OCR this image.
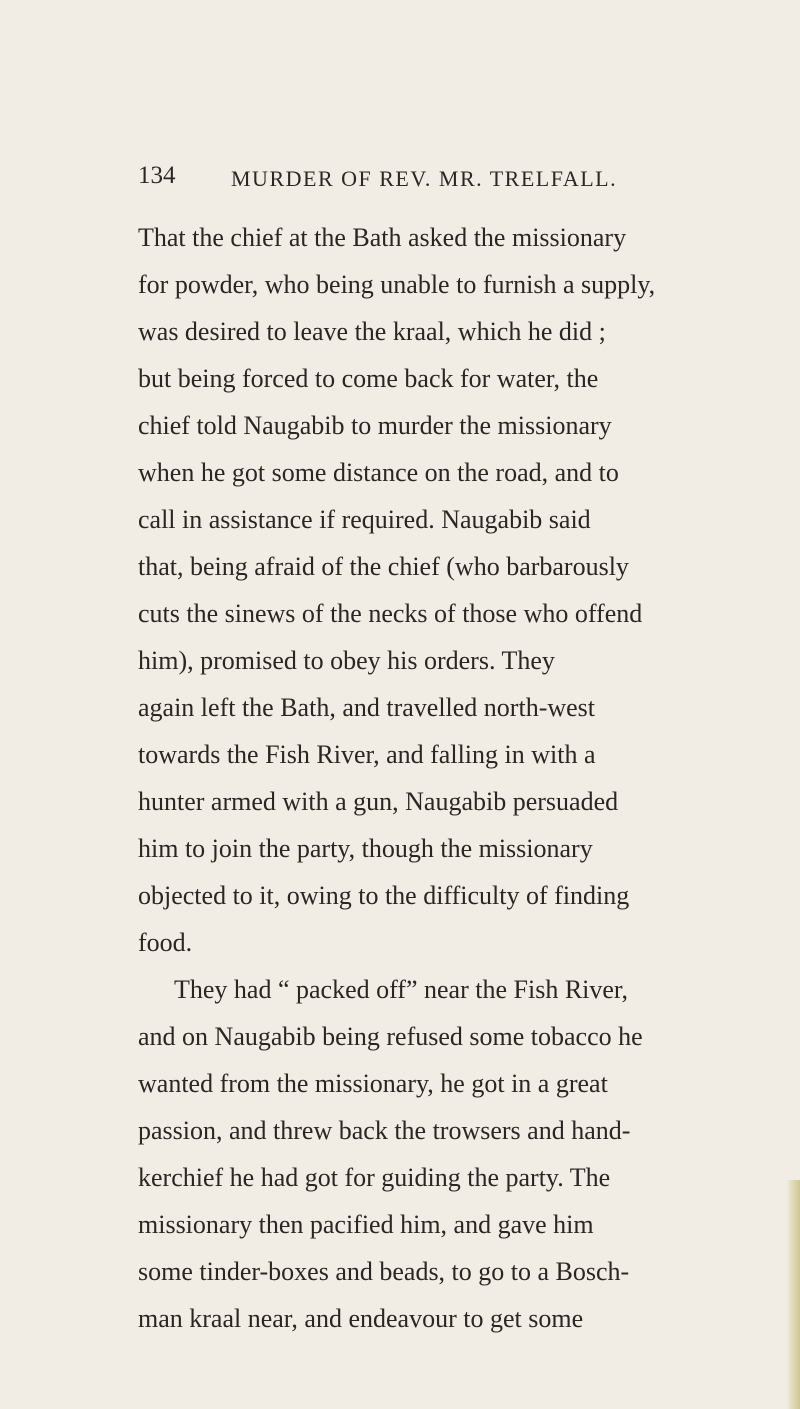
134	MURDER OF REV. MR. TRELFALL.
That the chief at the Bath asked the missionary
for powder, who being unable to furnish a supply,
was desired to leave the kraal, which he did ;
but being forced to come back for water, the
chief told Naugabib to murder the missionary
when he got some distance on the road, and to
call in assistance if required. Naugabib said
that, being afraid of the chief (who barbarously
cuts the sinews of the necks of those who offend
him), promised to obey his orders. They
again left the Bath, and travelled north-west
towards the Fish River, and falling in with a
hunter armed with a gun, Naugabib persuaded
him to join the party, though the missionary
objected to it, owing to the difficulty of finding
food.
They had “ packed off” near the Fish River,
and on Naugabib being refused some tobacco he
wanted from the missionary, he got in a great
passion, and threw back the trowsers and hand-
kerchief he had got for guiding the party. The
missionary then pacified him, and gave him
some tinder-boxes and beads, to go to a Bosch-
man kraal near, and endeavour to get some
